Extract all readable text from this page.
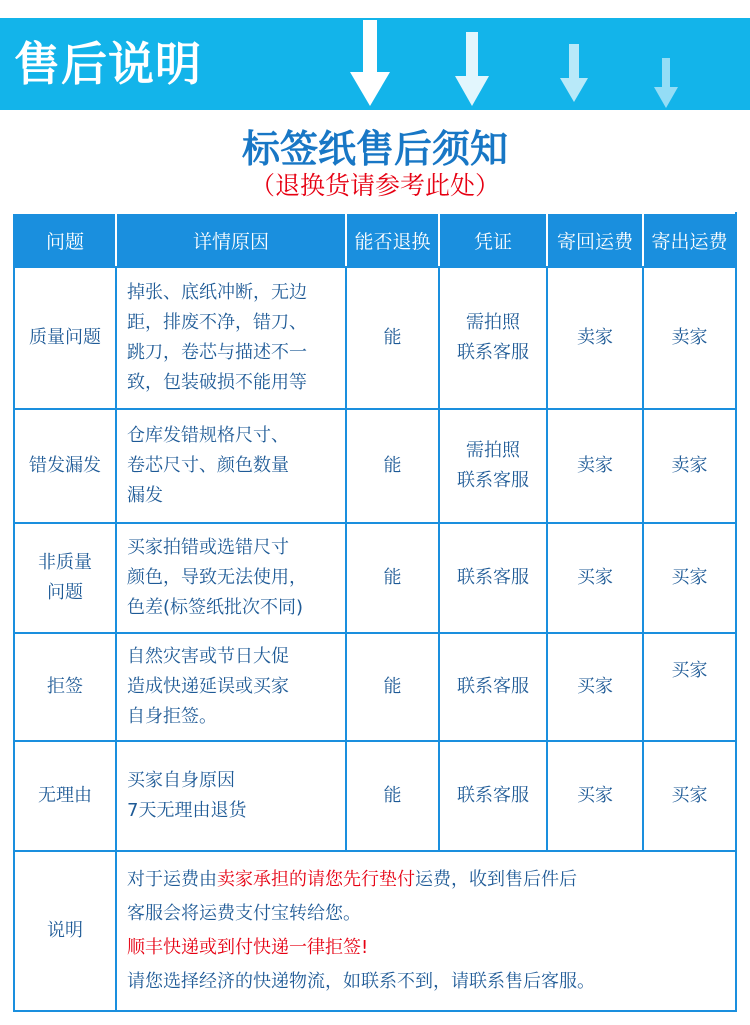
售后说明
标签纸售后须知
（退换货请参考此处）
问题	详情原因	能否退换	凭证	寄回运费	寄出运费
质量问题	掉张、底纸冲断，无边
距，排废不净，错刀、
跳刀，卷芯与描述不一
致，包装破损不能用等	能	需拍照
联系客服	卖家	卖家
错发漏发	仓库发错规格尺寸、
卷芯尺寸、颜色数量
漏发	能	需拍照
联系客服	卖家	卖家

非质量
问题	买家拍错或选错尺寸
颜色，导致无法使用，
色差(标签纸批次不同)	能	联系客服	买家	买家
拒签	自然灾害或节日大促
造成快递延误或买家
自身拒签。	能	联系客服	买家	买家
无理由	买家自身原因
7天无理由退货	能	联系客服	买家	买家
说明	对于运费由卖家承担的请您先行垫付运费，收到售后件后
客服会将运费支付宝转给您。
顺丰快递或到付快递一律拒签!
请您选择经济的快递物流，如联系不到，请联系售后客服。				
